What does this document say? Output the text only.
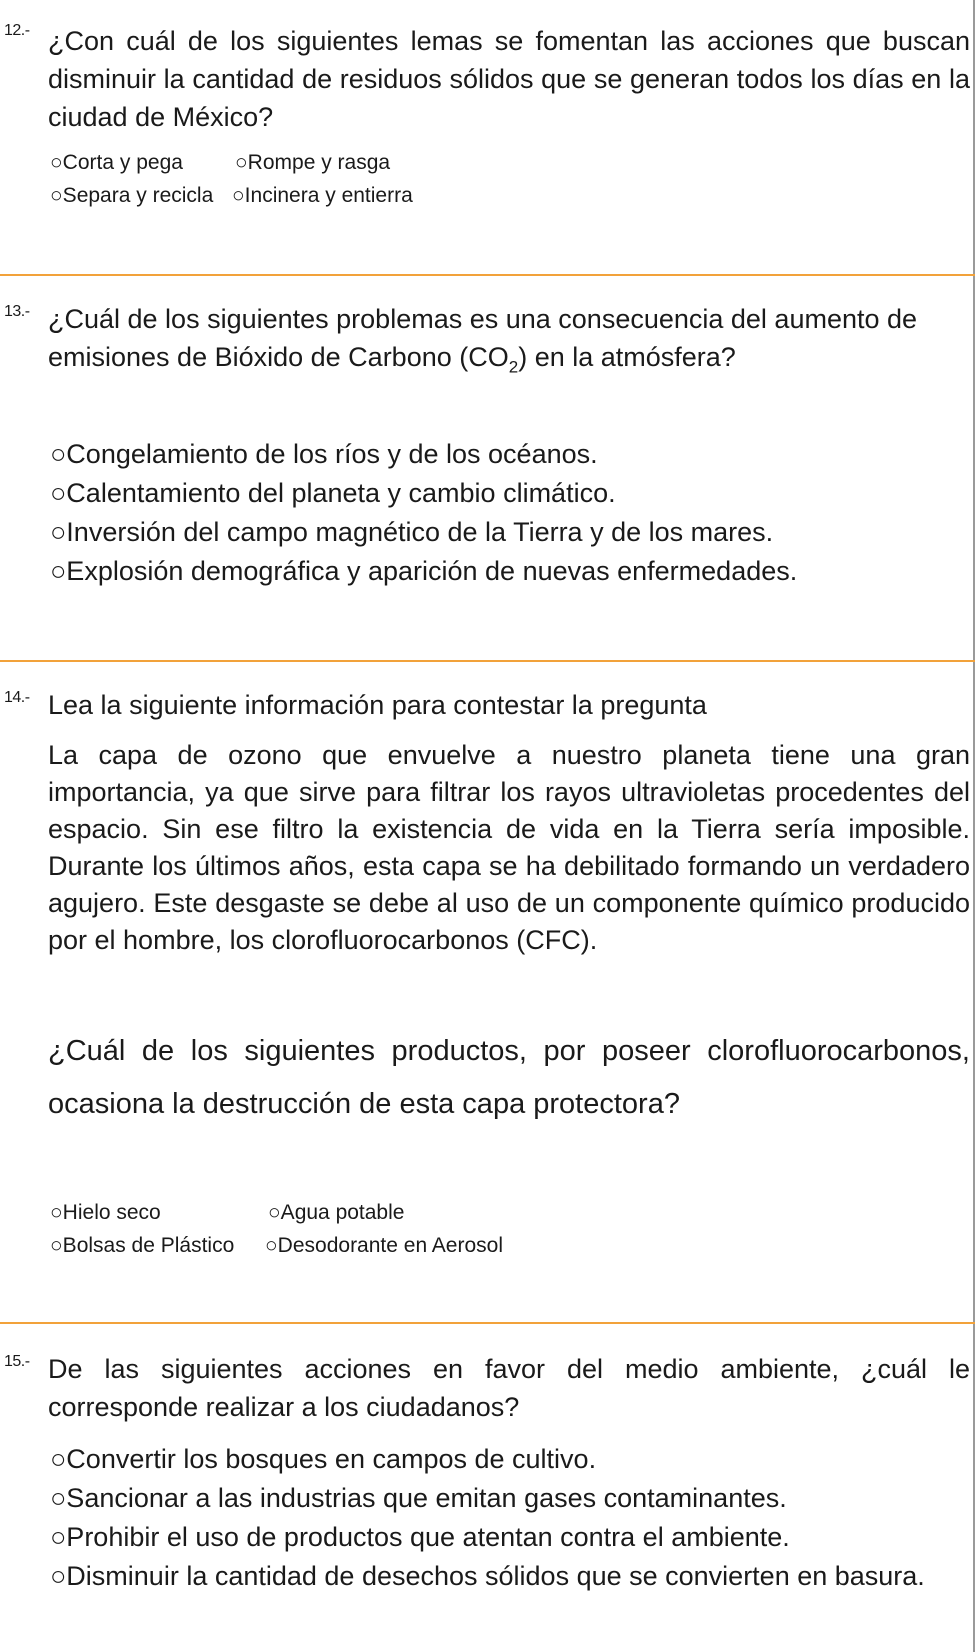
12.- ¿Con cuál de los siguientes lemas se fomentan las acciones que buscan disminuir la cantidad de residuos sólidos que se generan todos los días en la ciudad de México?
○Corta y pega ○Rompe y rasga
○Separa y recicla ○Incinera y entierra
13.- ¿Cuál de los siguientes problemas es una consecuencia del aumento de emisiones de Bióxido de Carbono $(CO_2)$ en la atmósfera?
○Congelamiento de los ríos y de los océanos.
○Calentamiento del planeta y cambio climático.
○Inversión del campo magnético de la Tierra y de los mares.
○Explosión demográfica y aparición de nuevas enfermedades.
14.- Lea la siguiente información para contestar la pregunta
La capa de ozono que envuelve a nuestro planeta tiene una gran importancia, ya que sirve para filtrar los rayos ultravioletas procedentes del espacio. Sin ese filtro la existencia de vida en la Tierra sería imposible. Durante los últimos años, esta capa se ha debilitado formando un verdadero agujero. Este desgaste se debe al uso de un componente químico producido por el hombre, los clorofluorocarbonos (CFC).
¿Cuál de los siguientes productos, por poseer clorofluorocarbonos, ocasiona la destrucción de esta capa protectora?
○Hielo seco	○Agua potable
○Bolsas de Plástico ○Desodorante en Aerosol
15.- De las siguientes acciones en favor del medio ambiente, ¿cuál le corresponde realizar a los ciudadanos?
○Convertir los bosques en campos de cultivo.
○Sancionar a las industrias que emitan gases contaminantes.
○Prohibir el uso de productos que atentan contra el ambiente.
○Disminuir la cantidad de desechos sólidos que se convierten en basura.
